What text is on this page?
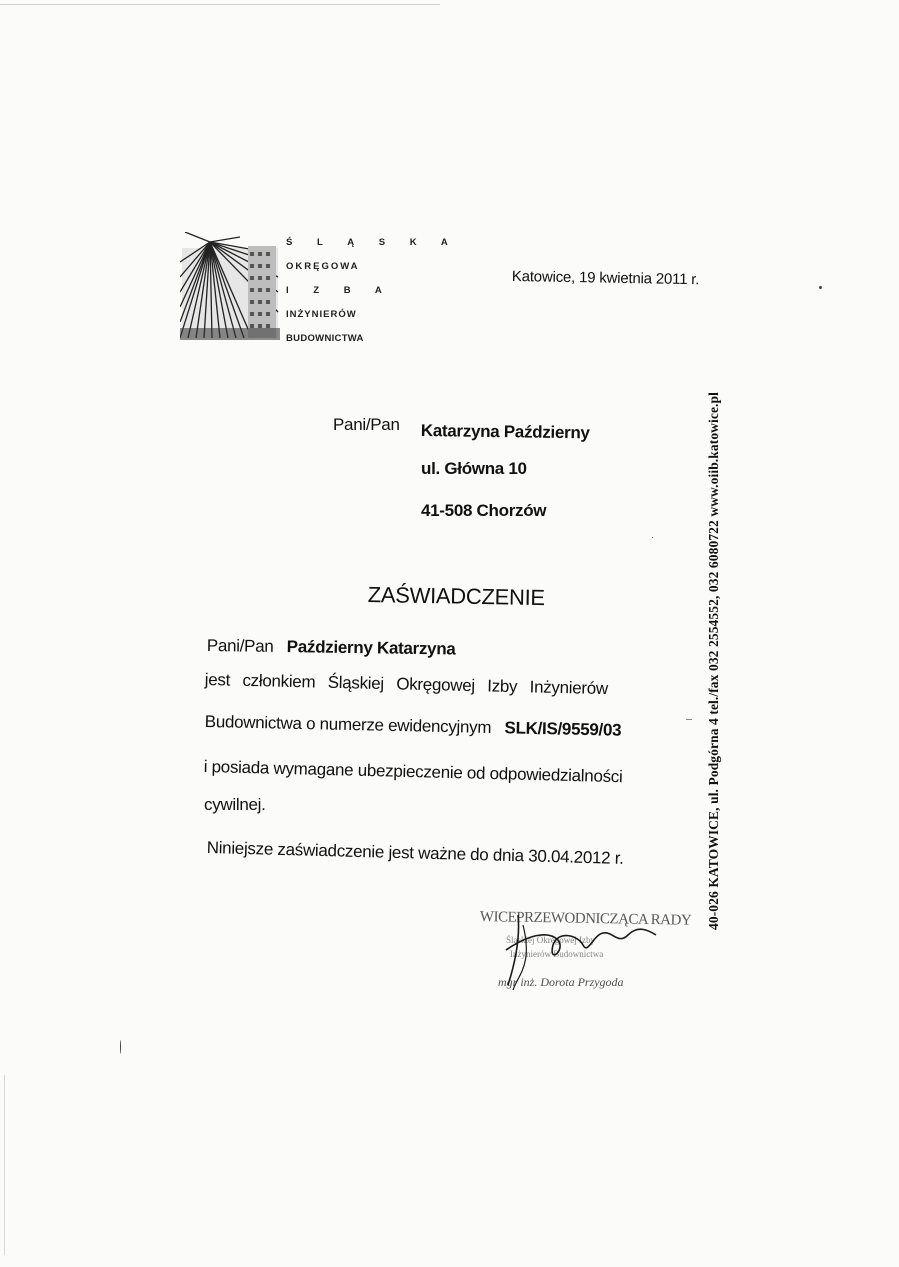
Ś L Ą S K A
OKRĘGOWA
I Z B A
INŻYNIERÓW
BUDOWNICTWA
Katowice, 19 kwietnia 2011 r.
Pani/Pan Katarzyna Październy
ul. Główna 10
41-508 Chorzów
ZAŚWIADCZENIE
Pani/Pan Październy Katarzyna
jest członkiem Śląskiej Okręgowej Izby Inżynierów
Budownictwa o numerze ewidencyjnym SLK/IS/9559/03
i posiada wymagane ubezpieczenie od odpowiedzialności
cywilnej.
Niniejsze zaświadczenie jest ważne do dnia 30.04.2012 r.	40-026 KATOWICE, ul. Podgórna 4 tel./fax 032 2554552, 032 6080722 www.oiib.katowice.pl
WICEPRZEWODNICZĄCA RADY
Śląskiej Okręgowej Izby
Inżynierów Budownictwa
mgr inż. Dorota Przygoda
